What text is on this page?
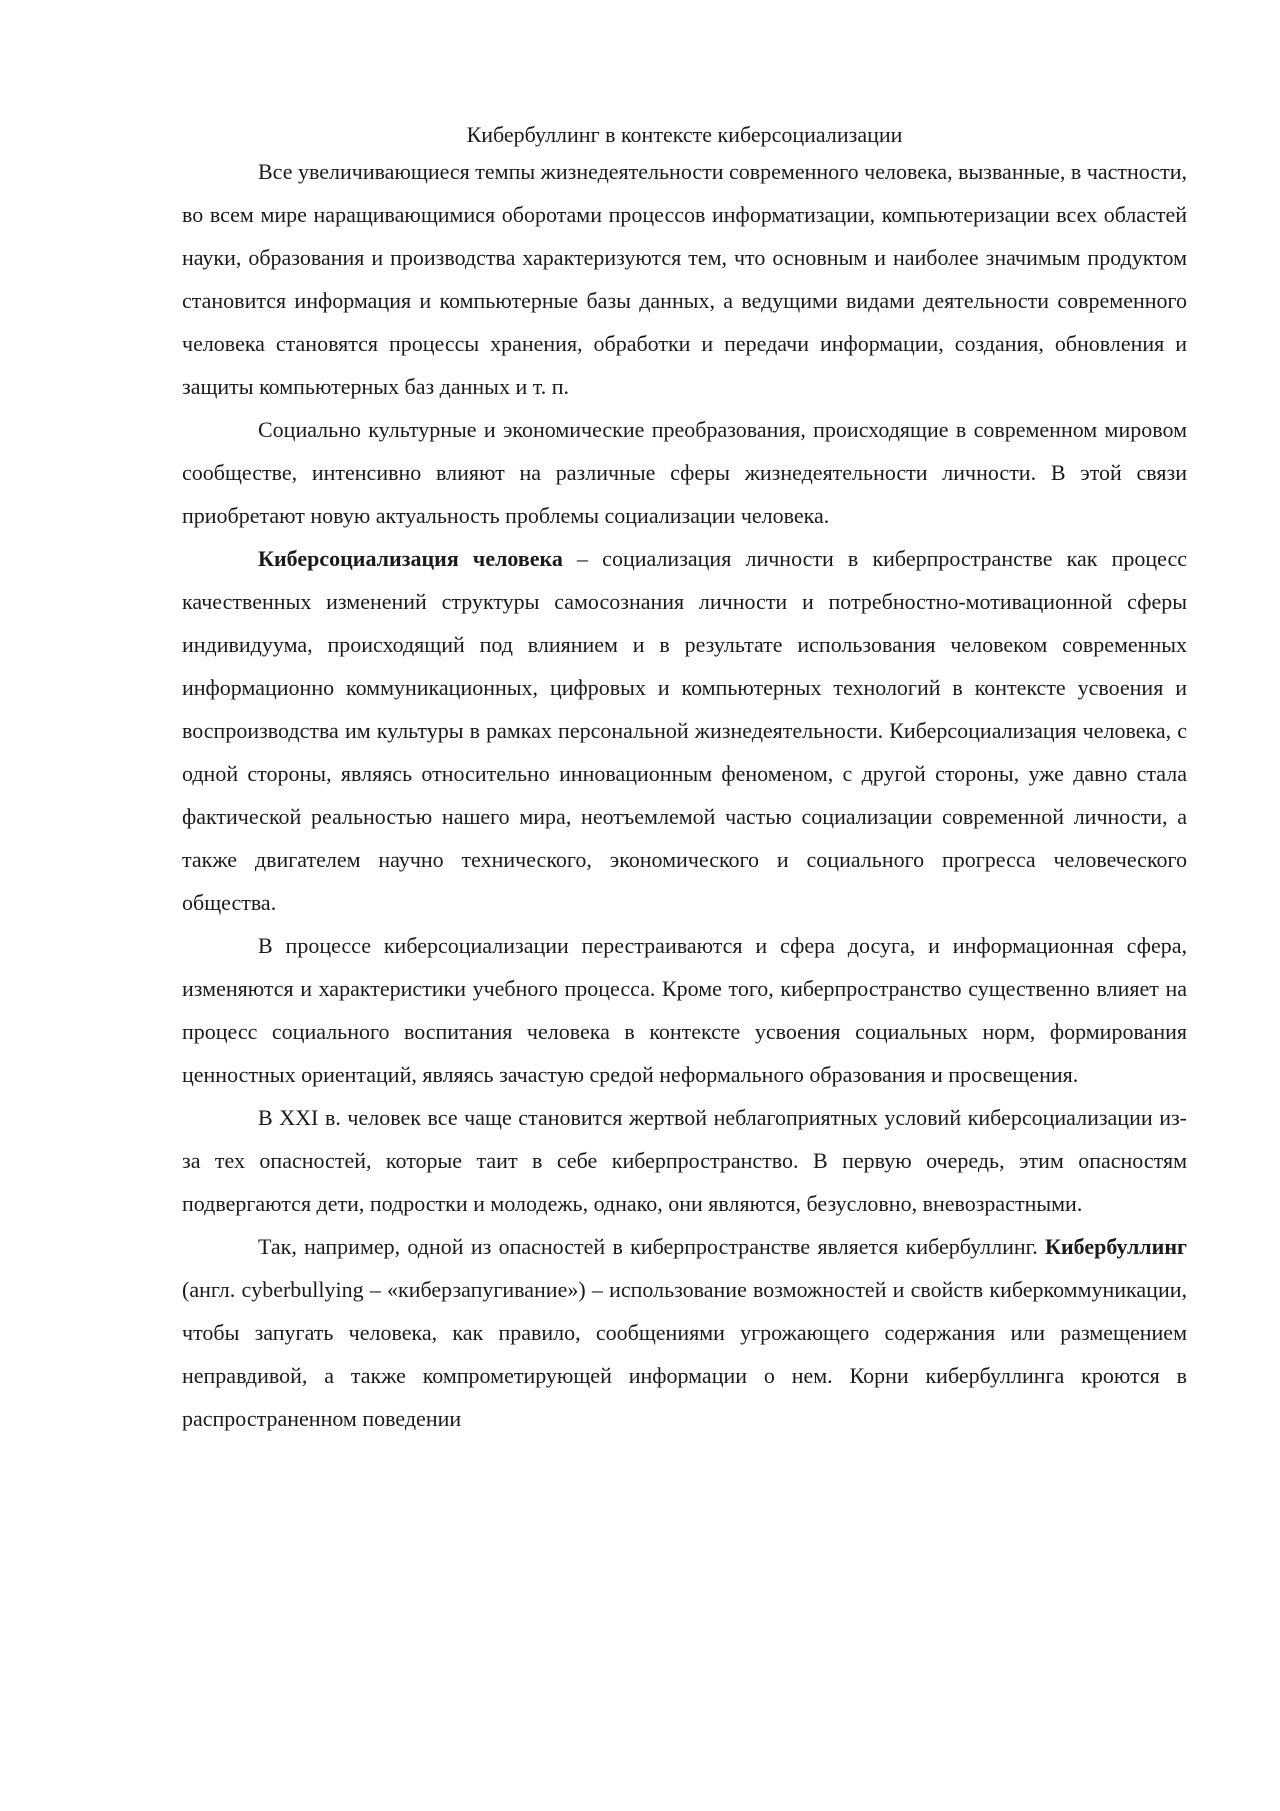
Кибербуллинг в контексте киберсоциализации

Все увеличивающиеся темпы жизнедеятельности современного человека, вызванные, в частности, во всем мире наращивающимися оборотами процессов информатизации, компьютеризации всех областей науки, образования и производства характеризуются тем, что основным и наиболее значимым продуктом становится информация и компьютерные базы данных, а ведущими видами деятельности современного человека становятся процессы хранения, обработки и передачи информации, создания, обновления и защиты компьютерных баз данных и т. п.

Социально культурные и экономические преобразования, происходящие в современном мировом сообществе, интенсивно влияют на различные сферы жизнедеятельности личности. В этой связи приобретают новую актуальность проблемы социализации человека.

Киберсоциализация человека – социализация личности в киберпространстве как процесс качественных изменений структуры самосознания личности и потребностно-мотивационной сферы индивидуума, происходящий под влиянием и в результате использования человеком современных информационно коммуникационных, цифровых и компьютерных технологий в контексте усвоения и воспроизводства им культуры в рамках персональной жизнедеятельности. Киберсоциализация человека, с одной стороны, являясь относительно инновационным феноменом, с другой стороны, уже давно стала фактической реальностью нашего мира, неотъемлемой частью социализации современной личности, а также двигателем научно технического, экономического и социального прогресса человеческого общества.

В процессе киберсоциализации перестраиваются и сфера досуга, и информационная сфера, изменяются и характеристики учебного процесса. Кроме того, киберпространство существенно влияет на процесс социального воспитания человека в контексте усвоения социальных норм, формирования ценностных ориентаций, являясь зачастую средой неформального образования и просвещения.

В XXI в. человек все чаще становится жертвой неблагоприятных условий киберсоциализации из-за тех опасностей, которые таит в себе киберпространство. В первую очередь, этим опасностям подвергаются дети, подростки и молодежь, однако, они являются, безусловно, вневозрастными.

Так, например, одной из опасностей в киберпространстве является кибербуллинг. Кибербуллинг (англ. cyberbullying – «киберзапугивание») – использование возможностей и свойств киберкоммуникации, чтобы запугать человека, как правило, сообщениями угрожающего содержания или размещением неправдивой, а также компрометирующей информации о нем. Корни кибербуллинга кроются в распространенном поведении
